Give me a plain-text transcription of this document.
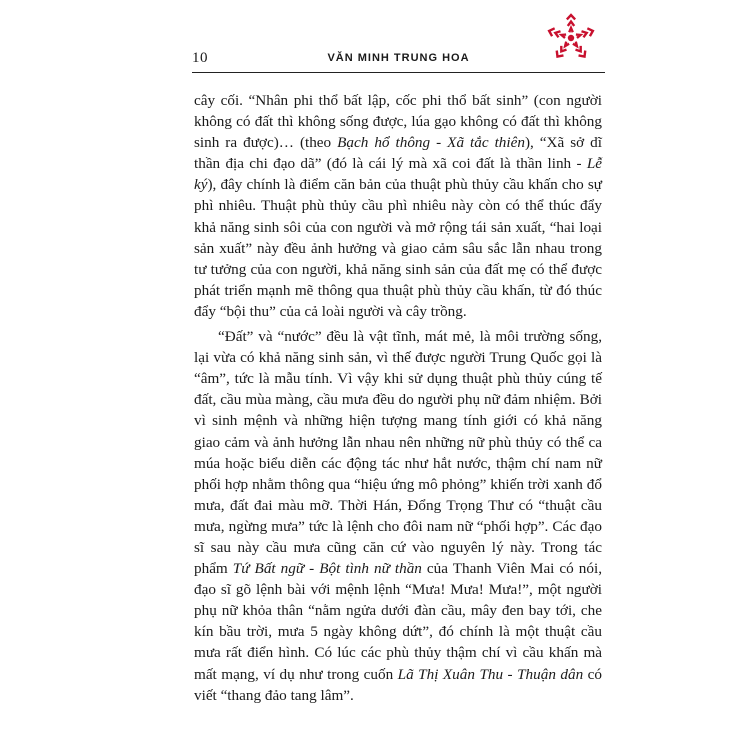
10	VĂN MINH TRUNG HOA

cây cối. “Nhân phi thổ bất lập, cốc phi thổ bất sinh” (con người không có đất thì không sống được, lúa gạo không có đất thì không sinh ra được)… (theo Bạch hổ thông - Xã tắc thiên), “Xã sở dĩ thần địa chi đạo dã” (đó là cái lý mà xã coi đất là thần linh - Lễ ký), đây chính là điểm căn bản của thuật phù thủy cầu khấn cho sự phì nhiêu. Thuật phù thủy cầu phì nhiêu này còn có thể thúc đẩy khả năng sinh sôi của con người và mở rộng tái sản xuất, “hai loại sản xuất” này đều ảnh hưởng và giao cảm sâu sắc lẫn nhau trong tư tưởng của con người, khả năng sinh sản của đất mẹ có thể được phát triển mạnh mẽ thông qua thuật phù thủy cầu khấn, từ đó thúc đẩy “bội thu” của cả loài người và cây trồng.

“Đất” và “nước” đều là vật tĩnh, mát mẻ, là môi trường sống, lại vừa có khả năng sinh sản, vì thế được người Trung Quốc gọi là “âm”, tức là mẫu tính. Vì vậy khi sử dụng thuật phù thủy cúng tế đất, cầu mùa màng, cầu mưa đều do người phụ nữ đảm nhiệm. Bởi vì sinh mệnh và những hiện tượng mang tính giới có khả năng giao cảm và ảnh hưởng lẫn nhau nên những nữ phù thủy có thể ca múa hoặc biểu diễn các động tác như hắt nước, thậm chí nam nữ phối hợp nhằm thông qua “hiệu ứng mô phỏng” khiến trời xanh đổ mưa, đất đai màu mỡ. Thời Hán, Đổng Trọng Thư có “thuật cầu mưa, ngừng mưa” tức là lệnh cho đôi nam nữ “phối hợp”. Các đạo sĩ sau này cầu mưa cũng căn cứ vào nguyên lý này. Trong tác phẩm Tứ Bất ngữ - Bột tình nữ thần của Thanh Viên Mai có nói, đạo sĩ gõ lệnh bài với mệnh lệnh “Mưa! Mưa! Mưa!”, một người phụ nữ khỏa thân “nằm ngửa dưới đàn cầu, mây đen bay tới, che kín bầu trời, mưa 5 ngày không dứt”, đó chính là một thuật cầu mưa rất điển hình. Có lúc các phù thủy thậm chí vì cầu khấn mà mất mạng, ví dụ như trong cuốn Lã Thị Xuân Thu - Thuận dân có viết “thang đảo tang lâm”.
